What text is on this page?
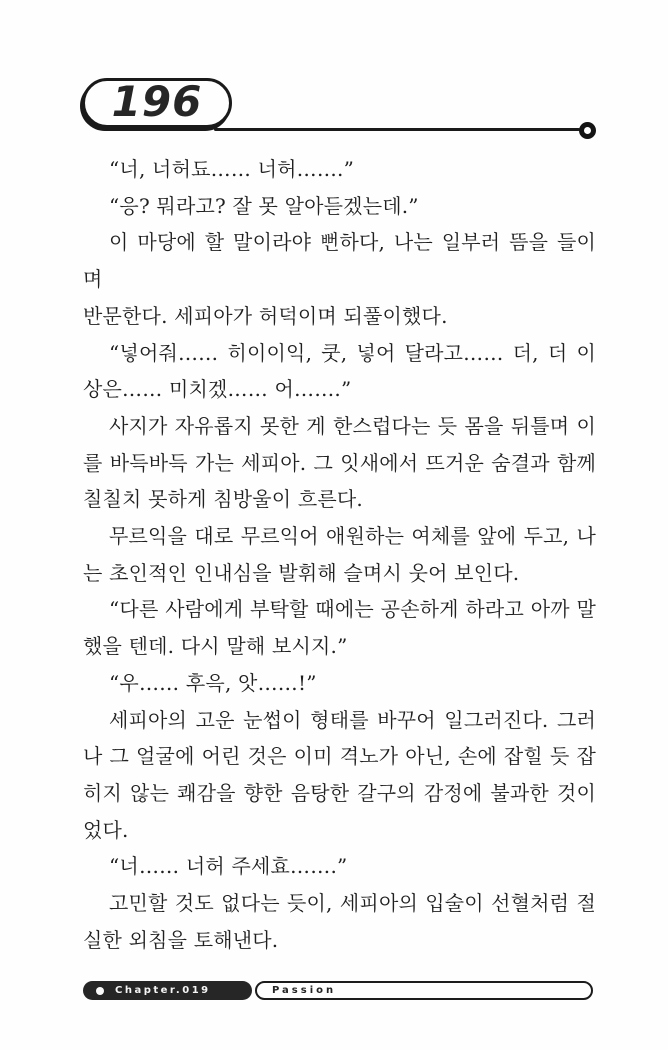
196
“너, 너허됴…… 너허…….”
“응? 뭐라고? 잘 못 알아듣겠는데.”
이 마당에 할 말이라야 뻔하다, 나는 일부러 뜸을 들이며
반문한다. 세피아가 허덕이며 되풀이했다.
“넣어줘…… 히이이익, 쿳, 넣어 달라고…… 더, 더 이
상은…… 미치겠…… 어…….”
사지가 자유롭지 못한 게 한스럽다는 듯 몸을 뒤틀며 이
를 바득바득 가는 세피아. 그 잇새에서 뜨거운 숨결과 함께
칠칠치 못하게 침방울이 흐른다.
무르익을 대로 무르익어 애원하는 여체를 앞에 두고, 나
는 초인적인 인내심을 발휘해 슬며시 웃어 보인다.
“다른 사람에게 부탁할 때에는 공손하게 하라고 아까 말
했을 텐데. 다시 말해 보시지.”
“우…… 후윽, 앗……!”
세피아의 고운 눈썹이 형태를 바꾸어 일그러진다. 그러
나 그 얼굴에 어린 것은 이미 격노가 아닌, 손에 잡힐 듯 잡
히지 않는 쾌감을 향한 음탕한 갈구의 감정에 불과한 것이
었다.
“너…… 너허 주세효…….”
고민할 것도 없다는 듯이, 세피아의 입술이 선혈처럼 절
실한 외침을 토해낸다.
Chapter.019	Passion
